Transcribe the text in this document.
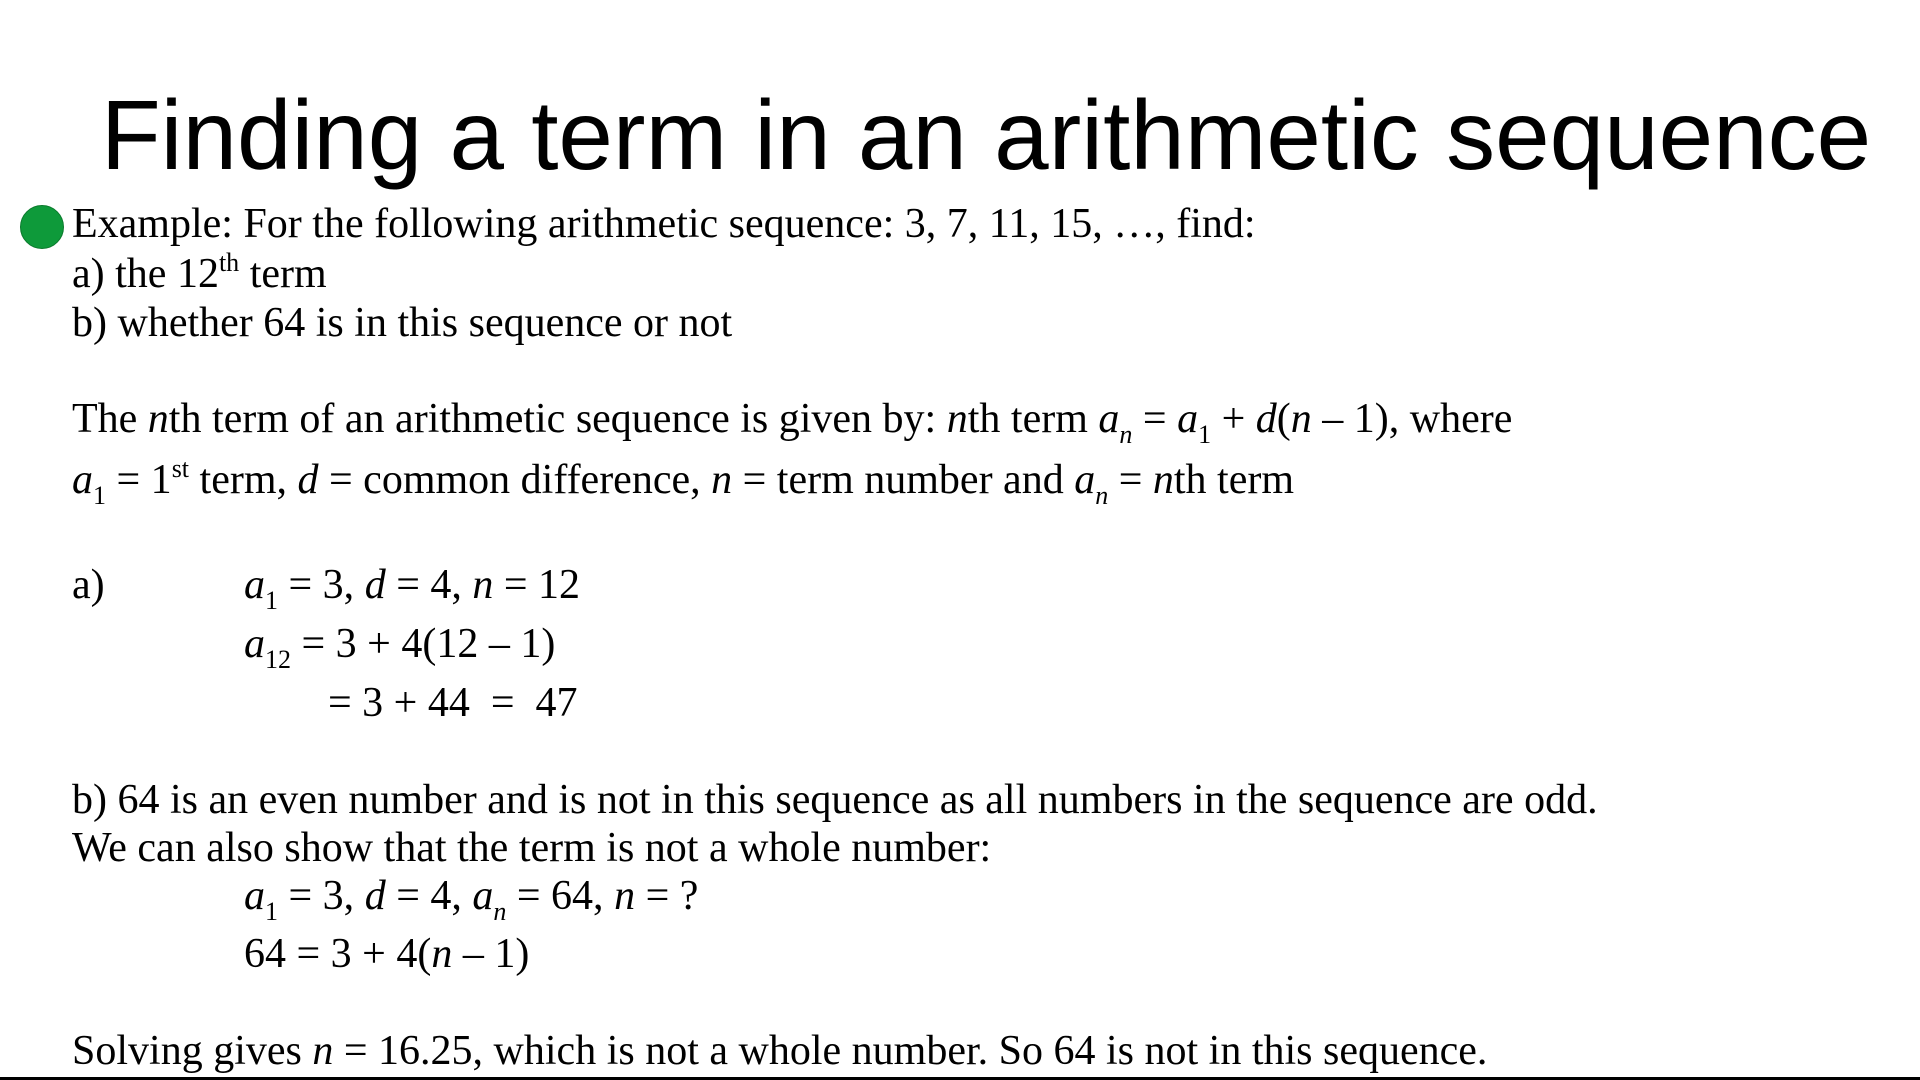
Finding a term in an arithmetic sequence
Example: For the following arithmetic sequence: 3, 7, 11, 15, …, find:
a) the 12th term
b) whether 64 is in this sequence or not
The nth term of an arithmetic sequence is given by: nth term $a_n = a_1 + d(n - 1)$, where
$a_1 = 1st$ term, d = common difference, n = term number and $a_n$ = nth term
a)	$a_1 = 3$, d = 4, n = 12
$a_{12} = 3 + 4(12 - 1)$
= 3 + 44  =  47
b) 64 is an even number and is not in this sequence as all numbers in the sequence are odd.
We can also show that the term is not a whole number:
$a_1 = 3$, d = 4, $a_n = 64$, n = ?
64 = 3 + 4(n – 1)
Solving gives n = 16.25, which is not a whole number. So 64 is not in this sequence.
